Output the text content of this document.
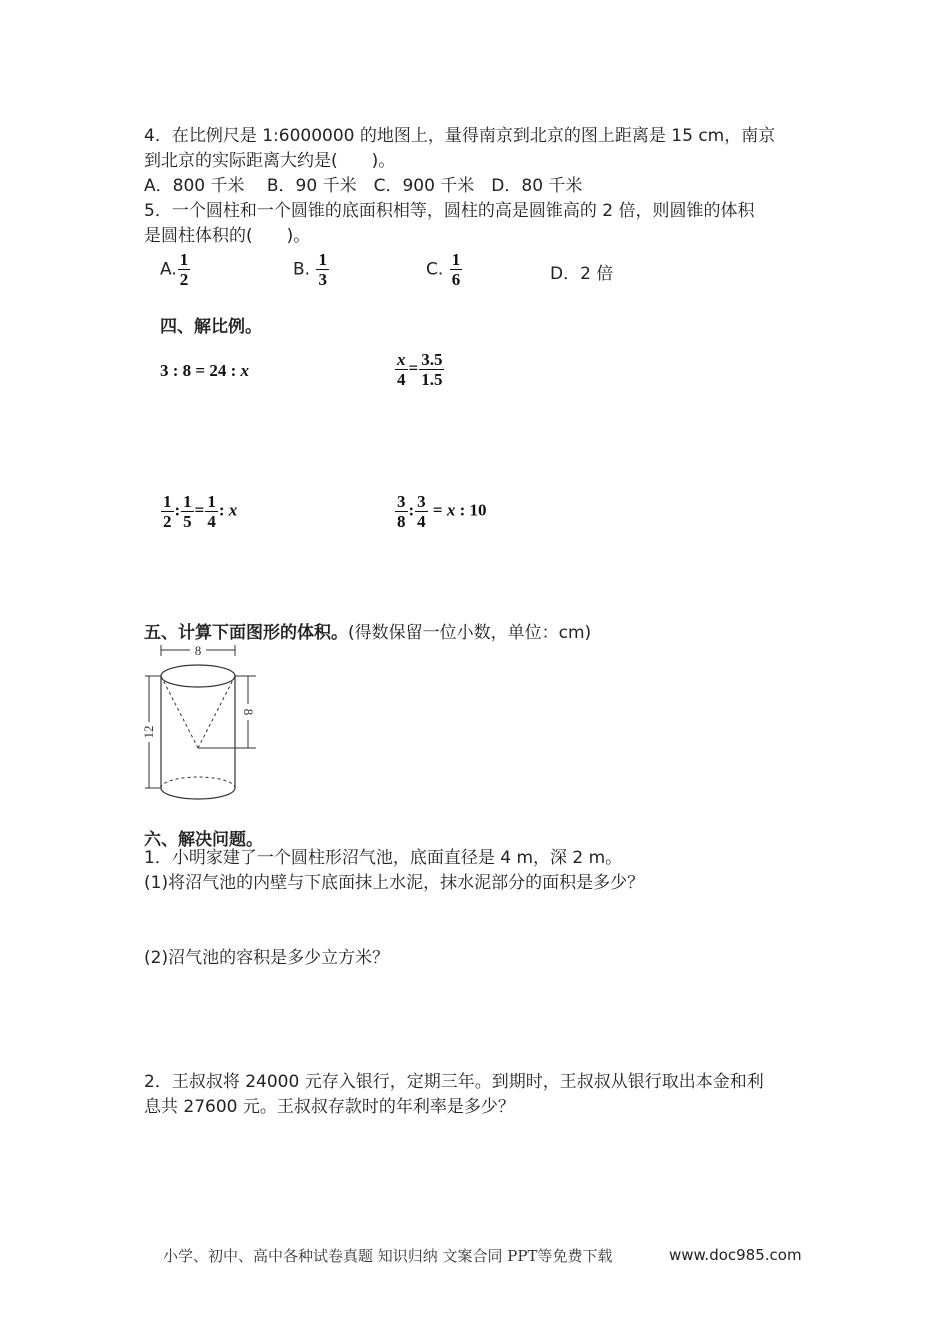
4．在比例尺是 1:6000000 的地图上，量得南京到北京的图上距离是 15 cm，南京
到北京的实际距离大约是(　　)。
A．800 千米　 B．90 千米　C．900 千米　D．80 千米
5．一个圆柱和一个圆锥的底面积相等，圆柱的高是圆锥高的 2 倍，则圆锥的体积
是圆柱体积的(　　)。
A. $\frac{1}{2}$	B. $\frac{1}{3}$	C. $\frac{1}{6}$	D．2 倍
四、解比例。
3 : 8 = 24 : x	$\frac{x}{4} = \frac{3.5}{1.5}$
$\frac{1}{2}$ : $\frac{1}{5} = \frac{1}{4}$ : x	$\frac{3}{8}$ : $\frac{3}{4} = x$ : 10
五、计算下面图形的体积。(得数保留一位小数，单位：cm)
8
12
8
六、解决问题。
1．小明家建了一个圆柱形沼气池，底面直径是 4 m，深 2 m。
(1)将沼气池的内壁与下底面抹上水泥，抹水泥部分的面积是多少？
(2)沼气池的容积是多少立方米？
2．王叔叔将 24000 元存入银行，定期三年。到期时，王叔叔从银行取出本金和利
息共 27600 元。王叔叔存款时的年利率是多少？
小学、初中、高中各种试卷真题 知识归纳 文案合同 PPT等免费下载	www.doc985.com
